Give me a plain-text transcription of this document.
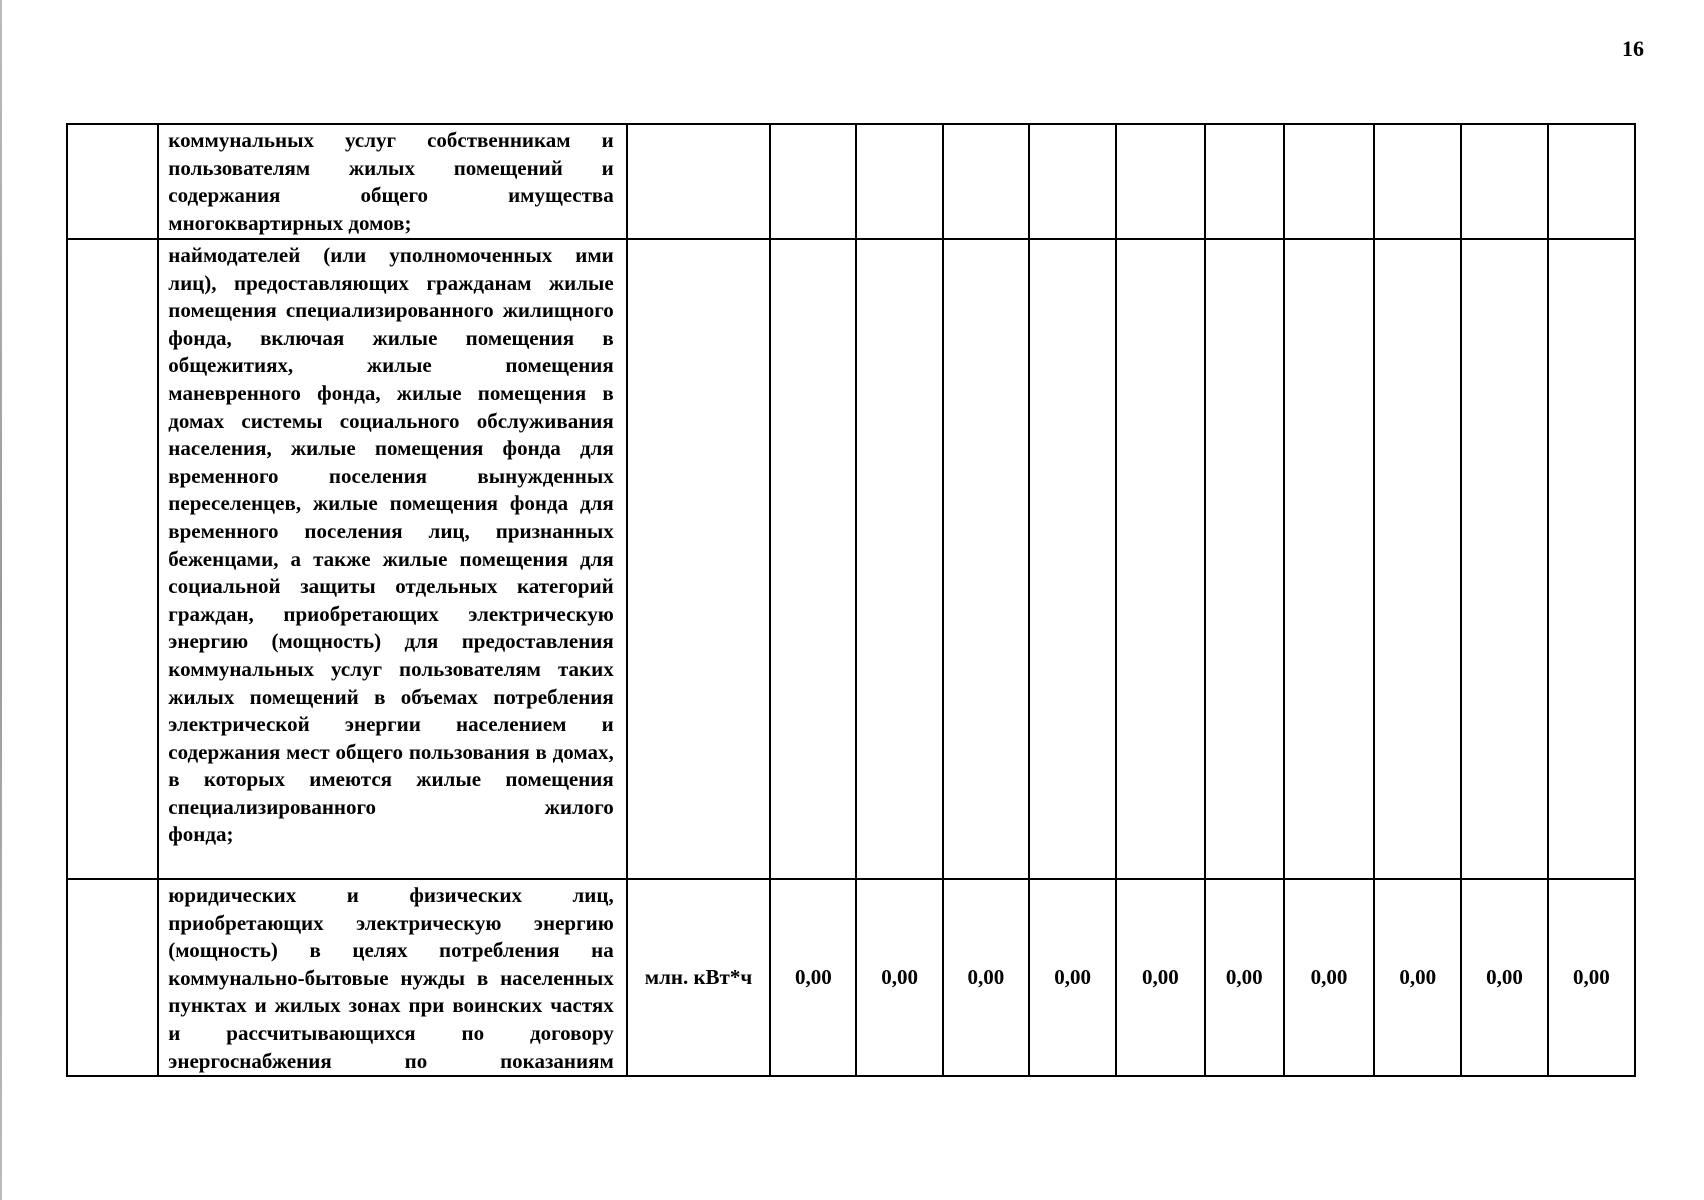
16

	коммунальных услуг собственникам и пользователям жилых помещений и содержания общего имущества
многоквартирных домов;											

	наймодателей (или уполномоченных ими лиц), предоставляющих гражданам жилые помещения специализированного жилищного фонда, включая жилые помещения в общежитиях, жилые помещения маневренного фонда, жилые помещения в домах системы социального обслуживания населения, жилые помещения фонда для временного поселения вынужденных переселенцев, жилые помещения фонда для временного поселения лиц, признанных беженцами, а также жилые помещения для социальной защиты отдельных категорий граждан, приобретающих электрическую энергию (мощность) для предоставления коммунальных услуг пользователям таких жилых помещений в объемах потребления электрической энергии населением и содержания мест общего пользования в домах, в которых имеются жилые помещения специализированного жилого
фонда;											

	юридических и физических лиц, приобретающих электрическую энергию (мощность) в целях потребления на коммунально-бытовые нужды в населенных пунктах и жилых зонах при воинских частях и рассчитывающихся по договору энергоснабжения по показаниям	млн. кВт*ч	0,00	0,00	0,00	0,00	0,00	0,00	0,00	0,00	0,00	0,00
